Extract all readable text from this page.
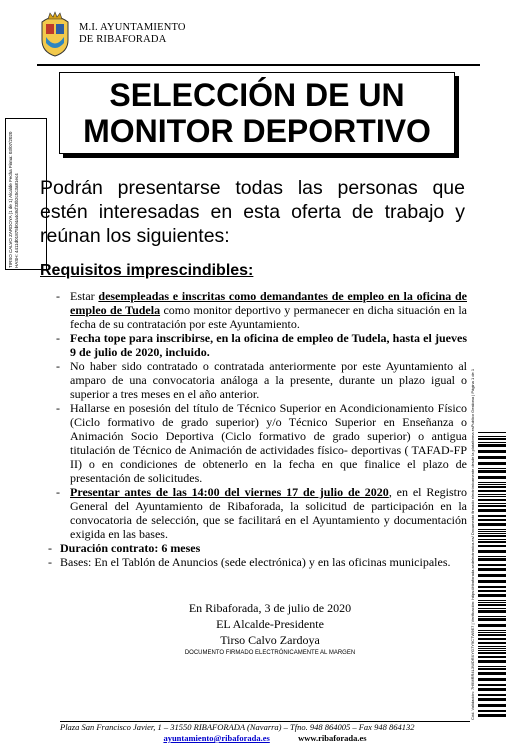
M.I. AYUNTAMIENTO
DE RIBAFORADA
TIRSO CALVO ZARDOYA (1 de 1) Alcalde Fecha Firma: 03/07/2020 HASH: 4411d01875b04a4c8cf33b2c5c3a81ec4
SELECCIÓN DE UN
MONITOR DEPORTIVO
Podrán presentarse todas las personas que estén interesadas en esta oferta de trabajo y reúnan los siguientes:
Requisitos imprescindibles:
- Estar desempleadas e inscritas como demandantes de empleo en la oficina de empleo de Tudela como monitor deportivo y permanecer en dicha situación en la fecha de su contratación por este Ayuntamiento.
- Fecha tope para inscribirse, en la oficina de empleo de Tudela, hasta el jueves 9 de julio de 2020, incluido.
- No haber sido contratado o contratada anteriormente por este Ayuntamiento al amparo de una convocatoria análoga a la presente, durante un plazo igual o superior a tres meses en el año anterior.
- Hallarse en posesión del título de Técnico Superior en Acondicionamiento Físico (Ciclo formativo de grado superior) y/o Técnico Superior en Enseñanza o Animación Socio Deportiva (Ciclo formativo de grado superior) o antigua titulación de Técnico de Animación de actividades físico- deportivas ( TAFAD-FP II) o en condiciones de obtenerlo en la fecha en que finalice el plazo de presentación de solicitudes.
- Presentar antes de las 14:00 del viernes 17 de julio de 2020, en el Registro General del Ayuntamiento de Ribaforada, la solicitud de participación en la convocatoria de selección, que se facilitará en el Ayuntamiento y documentación exigida en las bases.
- Duración contrato: 6 meses
- Bases: En el Tablón de Anuncios (sede electrónica) y en las oficinas municipales.
En Ribaforada, 3 de julio de 2020
EL Alcalde-Presidente
Tirso Calvo Zardoya
DOCUMENTO FIRMADO ELECTRÓNICAMENTE AL MARGEN
Plaza San Francisco Javier, 1 – 31550 RIBAFORADA (Navarra) – Tfno. 948 864005 – Fax 948 864132
ayuntamiento@ribaforada.es	www.ribaforada.es
Cód. Validación: 7H9MRR4L3WDRXYG7Y9CTW9E7 | Verificación: https://ribaforada.sedelectronica.es/ Documento firmado electrónicamente desde la plataforma esPublico Gestiona | Página 1 de 1
